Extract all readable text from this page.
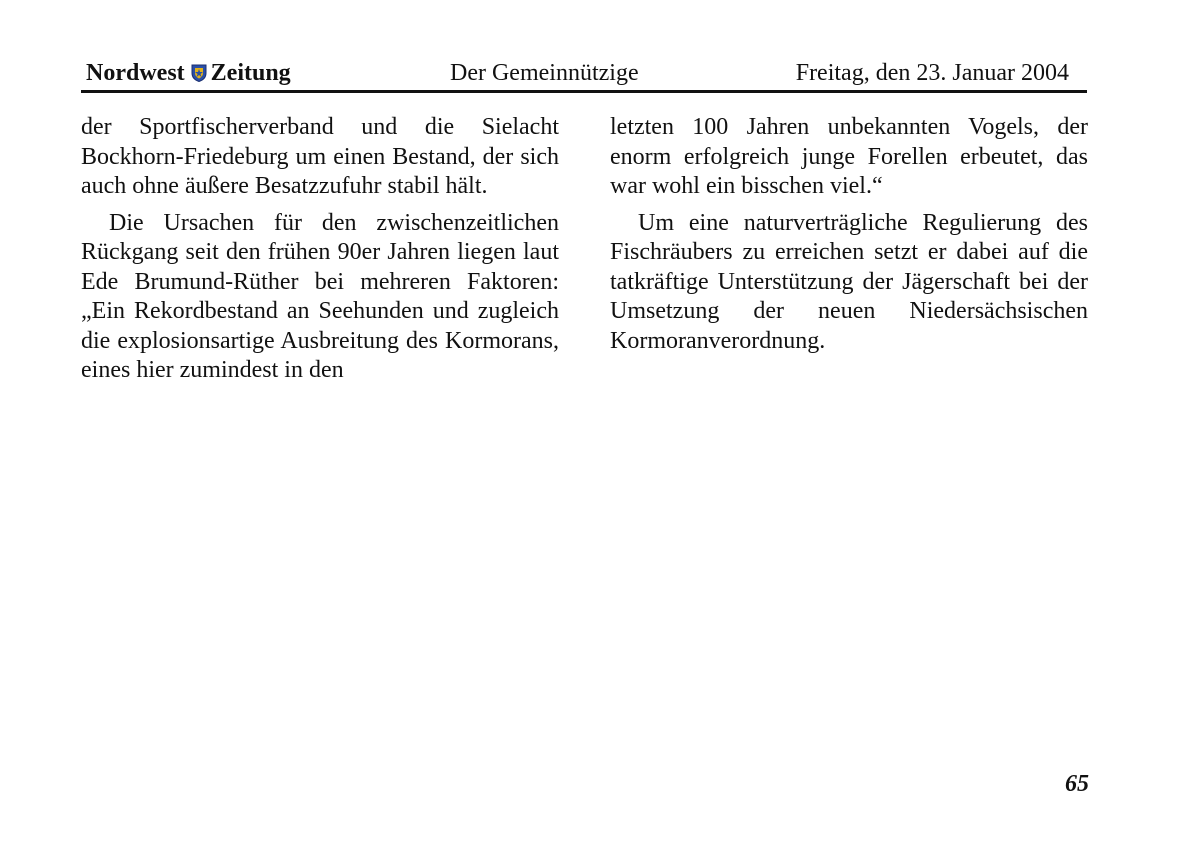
Nordwest Zeitung	Der Gemeinnützige	Freitag, den 23. Januar 2004

der Sportfischerverband und die Sielacht Bockhorn-Friedeburg um einen Bestand, der sich auch ohne äußere Besatzzufuhr stabil hält.

Die Ursachen für den zwischenzeitlichen Rückgang seit den frühen 90er Jahren liegen laut Ede Brumund-Rüther bei mehreren Faktoren: „Ein Rekordbestand an Seehunden und zugleich die explosionsartige Ausbreitung des Kormorans, eines hier zumindest in den

letzten 100 Jahren unbekannten Vogels, der enorm erfolgreich junge Forellen erbeutet, das war wohl ein bisschen viel.“

Um eine naturverträgliche Regulierung des Fischräubers zu erreichen setzt er dabei auf die tatkräftige Unterstützung der Jägerschaft bei der Umsetzung der neuen Niedersächsischen Kormoranverordnung.

65
